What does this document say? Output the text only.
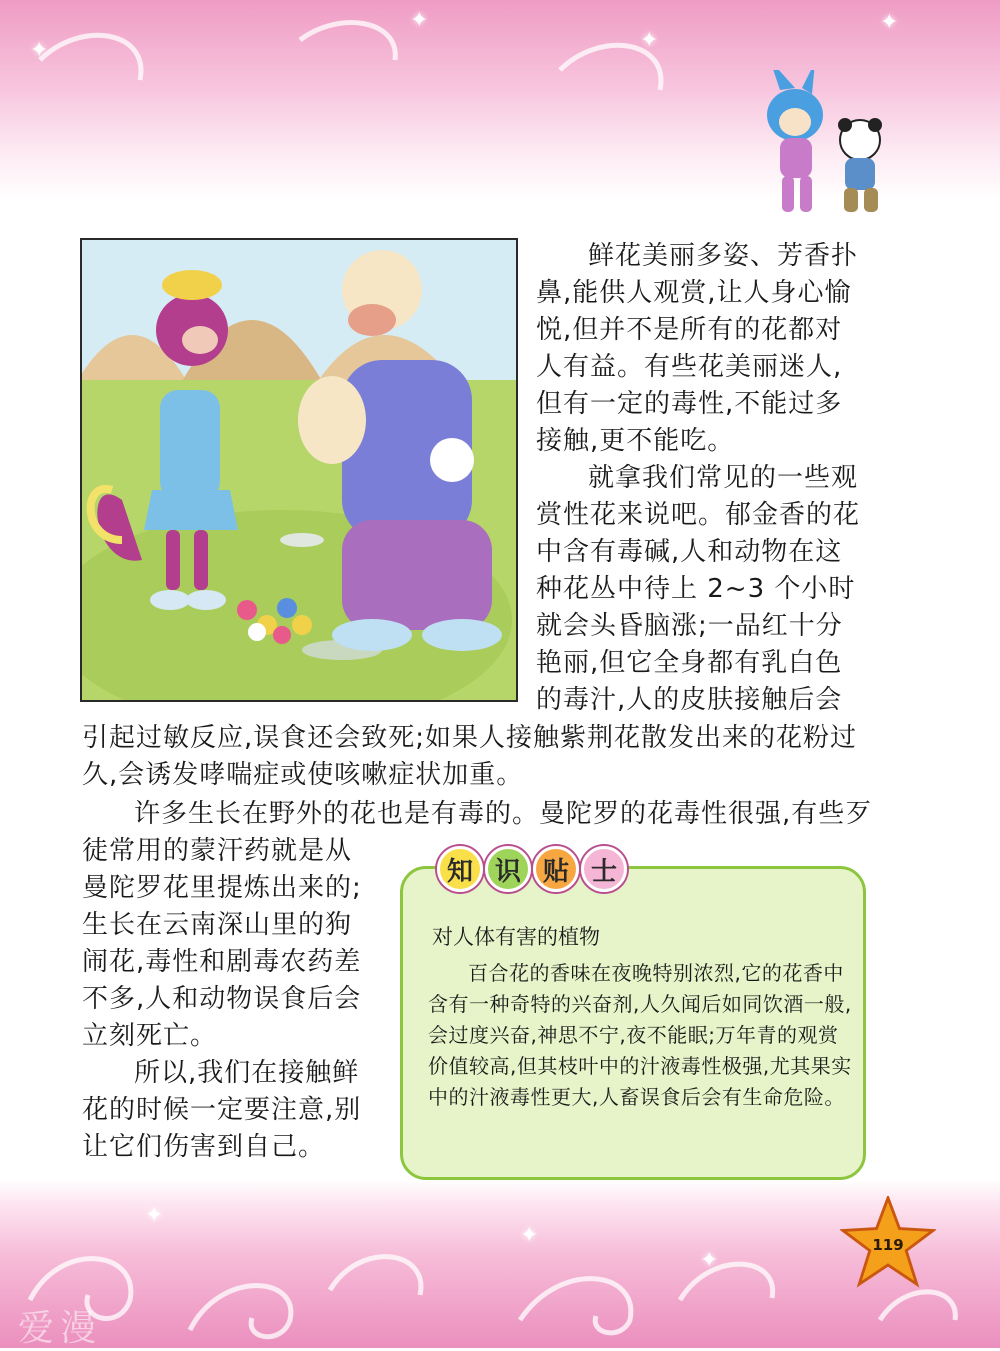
✦
✦
✦
✦
✦
✦
✦

鲜花美丽多姿、芳香扑鼻,能供人观赏,让人身心愉悦,但并不是所有的花都对人有益。有些花美丽迷人,但有一定的毒性,不能过多接触,更不能吃。

就拿我们常见的一些观
赏性花来说吧。郁金香的花
中含有毒碱,人和动物在这
种花丛中待上 2~3 个小时
就会头昏脑涨;一品红十分
艳丽,但它全身都有乳白色
的毒汁,人的皮肤接触后会
引起过敏反应,误食还会致死;如果人接触紫荆花散发出来的花粉过
久,会诱发哮喘症或使咳嗽症状加重。
许多生长在野外的花也是有毒的。曼陀罗的花毒性很强,有些歹

徒常用的蒙汗药就是从曼陀罗花里提炼出来的;生长在云南深山里的狗闹花,毒性和剧毒农药差不多,人和动物误食后会立刻死亡。

所以,我们在接触鲜花的时候一定要注意,别让它们伤害到自己。

知 识 贴 士

对人体有害的植物

百合花的香味在夜晚特别浓烈,它的花香中含有一种奇特的兴奋剂,人久闻后如同饮酒一般,会过度兴奋,神思不宁,夜不能眠;万年青的观赏价值较高,但其枝叶中的汁液毒性极强,尤其果实中的汁液毒性更大,人畜误食后会有生命危险。

119
爱漫
